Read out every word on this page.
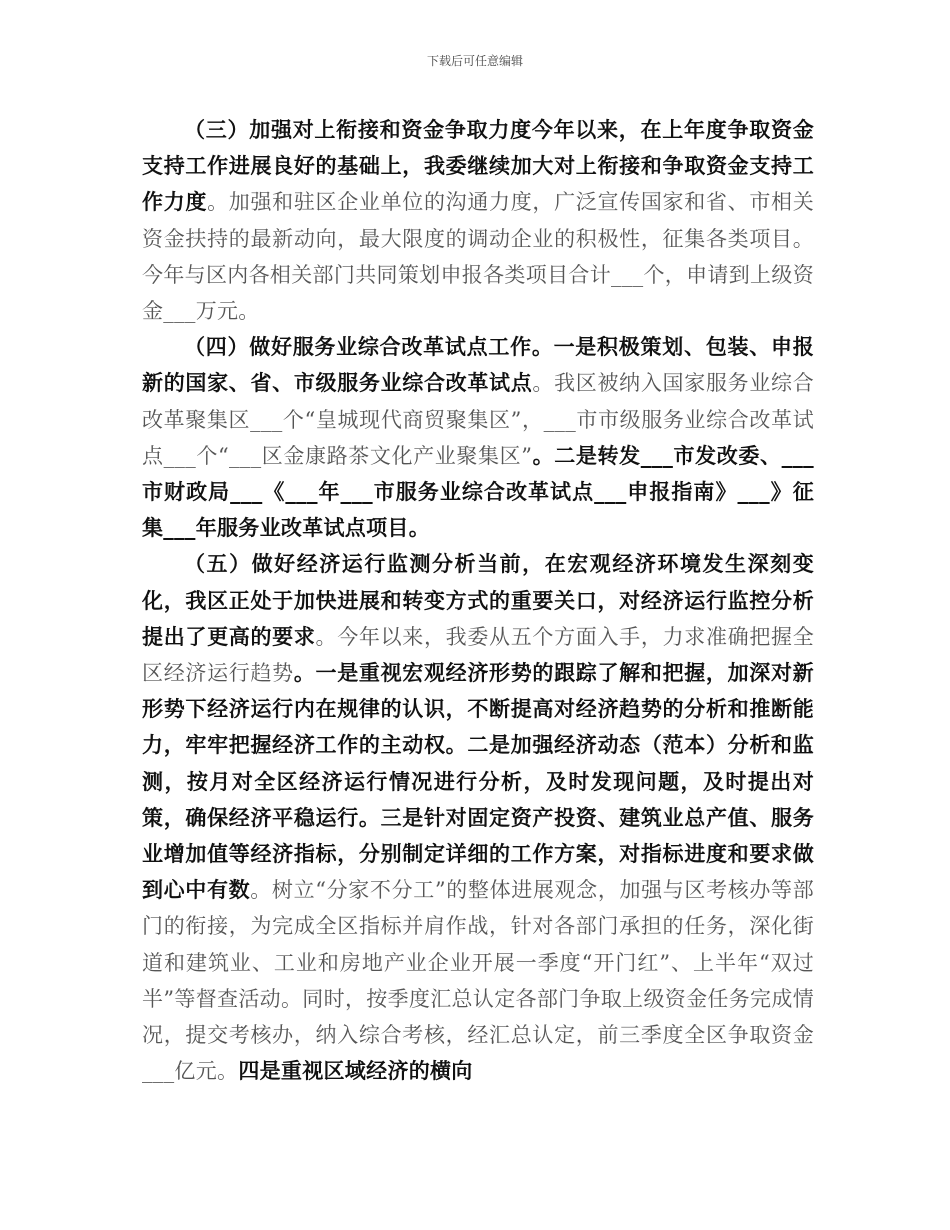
下载后可任意编辑

（三）加强对上衔接和资金争取力度今年以来，在上年度争取资金支持工作进展良好的基础上，我委继续加大对上衔接和争取资金支持工作力度。加强和驻区企业单位的沟通力度，广泛宣传国家和省、市相关资金扶持的最新动向，最大限度的调动企业的积极性，征集各类项目。今年与区内各相关部门共同策划申报各类项目合计___个，申请到上级资金___万元。

（四）做好服务业综合改革试点工作。一是积极策划、包装、申报新的国家、省、市级服务业综合改革试点。我区被纳入国家服务业综合改革聚集区___个“皇城现代商贸聚集区”，___市市级服务业综合改革试点___个“___区金康路茶文化产业聚集区”。二是转发___市发改委、___市财政局___《___年___市服务业综合改革试点___申报指南》___》征集___年服务业改革试点项目。

（五）做好经济运行监测分析当前，在宏观经济环境发生深刻变化，我区正处于加快进展和转变方式的重要关口，对经济运行监控分析提出了更高的要求。今年以来，我委从五个方面入手，力求准确把握全区经济运行趋势。一是重视宏观经济形势的跟踪了解和把握，加深对新形势下经济运行内在规律的认识，不断提高对经济趋势的分析和推断能力，牢牢把握经济工作的主动权。二是加强经济动态（范本）分析和监测，按月对全区经济运行情况进行分析，及时发现问题，及时提出对策，确保经济平稳运行。三是针对固定资产投资、建筑业总产值、服务业增加值等经济指标，分别制定详细的工作方案，对指标进度和要求做到心中有数。树立“分家不分工”的整体进展观念，加强与区考核办等部门的衔接，为完成全区指标并肩作战，针对各部门承担的任务，深化街道和建筑业、工业和房地产业企业开展一季度“开门红”、上半年“双过半”等督查活动。同时，按季度汇总认定各部门争取上级资金任务完成情况，提交考核办，纳入综合考核，经汇总认定，前三季度全区争取资金___亿元。四是重视区域经济的横向
